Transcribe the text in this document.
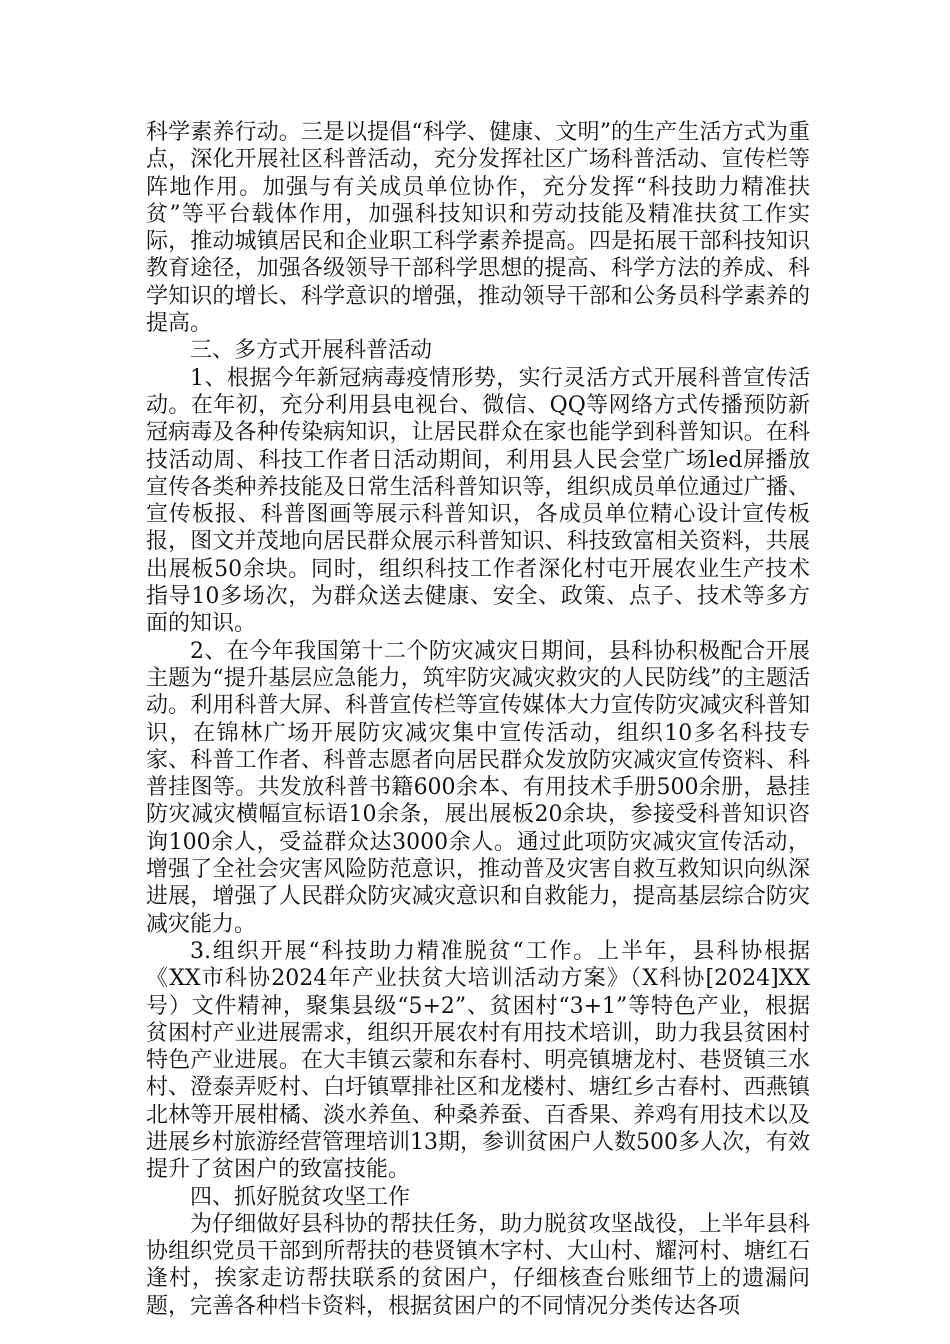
科学素养行动。三是以提倡“科学、健康、文明”的生产生活方式为重点，深化开展社区科普活动，充分发挥社区广场科普活动、宣传栏等阵地作用。加强与有关成员单位协作，充分发挥“科技助力精准扶贫”等平台载体作用，加强科技知识和劳动技能及精准扶贫工作实际，推动城镇居民和企业职工科学素养提高。四是拓展干部科技知识教育途径，加强各级领导干部科学思想的提高、科学方法的养成、科学知识的增长、科学意识的增强，推动领导干部和公务员科学素养的提高。

三、多方式开展科普活动

1、根据今年新冠病毒疫情形势，实行灵活方式开展科普宣传活动。在年初，充分利用县电视台、微信、QQ等网络方式传播预防新冠病毒及各种传染病知识，让居民群众在家也能学到科普知识。在科技活动周、科技工作者日活动期间，利用县人民会堂广场led屏播放宣传各类种养技能及日常生活科普知识等，组织成员单位通过广播、宣传板报、科普图画等展示科普知识，各成员单位精心设计宣传板报，图文并茂地向居民群众展示科普知识、科技致富相关资料，共展出展板50余块。同时，组织科技工作者深化村屯开展农业生产技术指导10多场次，为群众送去健康、安全、政策、点子、技术等多方面的知识。

2、在今年我国第十二个防灾减灾日期间，县科协积极配合开展主题为“提升基层应急能力，筑牢防灾减灾救灾的人民防线”的主题活动。利用科普大屏、科普宣传栏等宣传媒体大力宣传防灾减灾科普知识，在锦林广场开展防灾减灾集中宣传活动，组织10多名科技专家、科普工作者、科普志愿者向居民群众发放防灾减灾宣传资料、科普挂图等。共发放科普书籍600余本、有用技术手册500余册，悬挂防灾减灾横幅宣标语10余条，展出展板20余块，参接受科普知识咨询100余人，受益群众达3000余人。通过此项防灾减灾宣传活动，增强了全社会灾害风险防范意识，推动普及灾害自救互救知识向纵深进展，增强了人民群众防灾减灾意识和自救能力，提高基层综合防灾减灾能力。

3.组织开展“科技助力精准脱贫“工作。上半年，县科协根据《XX市科协2024年产业扶贫大培训活动方案》（X科协[2024]XX号）文件精神，聚集县级“5+2”、贫困村“3+1”等特色产业，根据贫困村产业进展需求，组织开展农村有用技术培训，助力我县贫困村特色产业进展。在大丰镇云蒙和东春村、明亮镇塘龙村、巷贤镇三水村、澄泰弄贬村、白圩镇覃排社区和龙楼村、塘红乡古春村、西燕镇北林等开展柑橘、淡水养鱼、种桑养蚕、百香果、养鸡有用技术以及进展乡村旅游经营管理培训13期，参训贫困户人数500多人次，有效提升了贫困户的致富技能。

四、抓好脱贫攻坚工作

为仔细做好县科协的帮扶任务，助力脱贫攻坚战役，上半年县科协组织党员干部到所帮扶的巷贤镇木字村、大山村、耀河村、塘红石逢村，挨家走访帮扶联系的贫困户，仔细核查台账细节上的遗漏问题，完善各种档卡资料，根据贫困户的不同情况分类传达各项
